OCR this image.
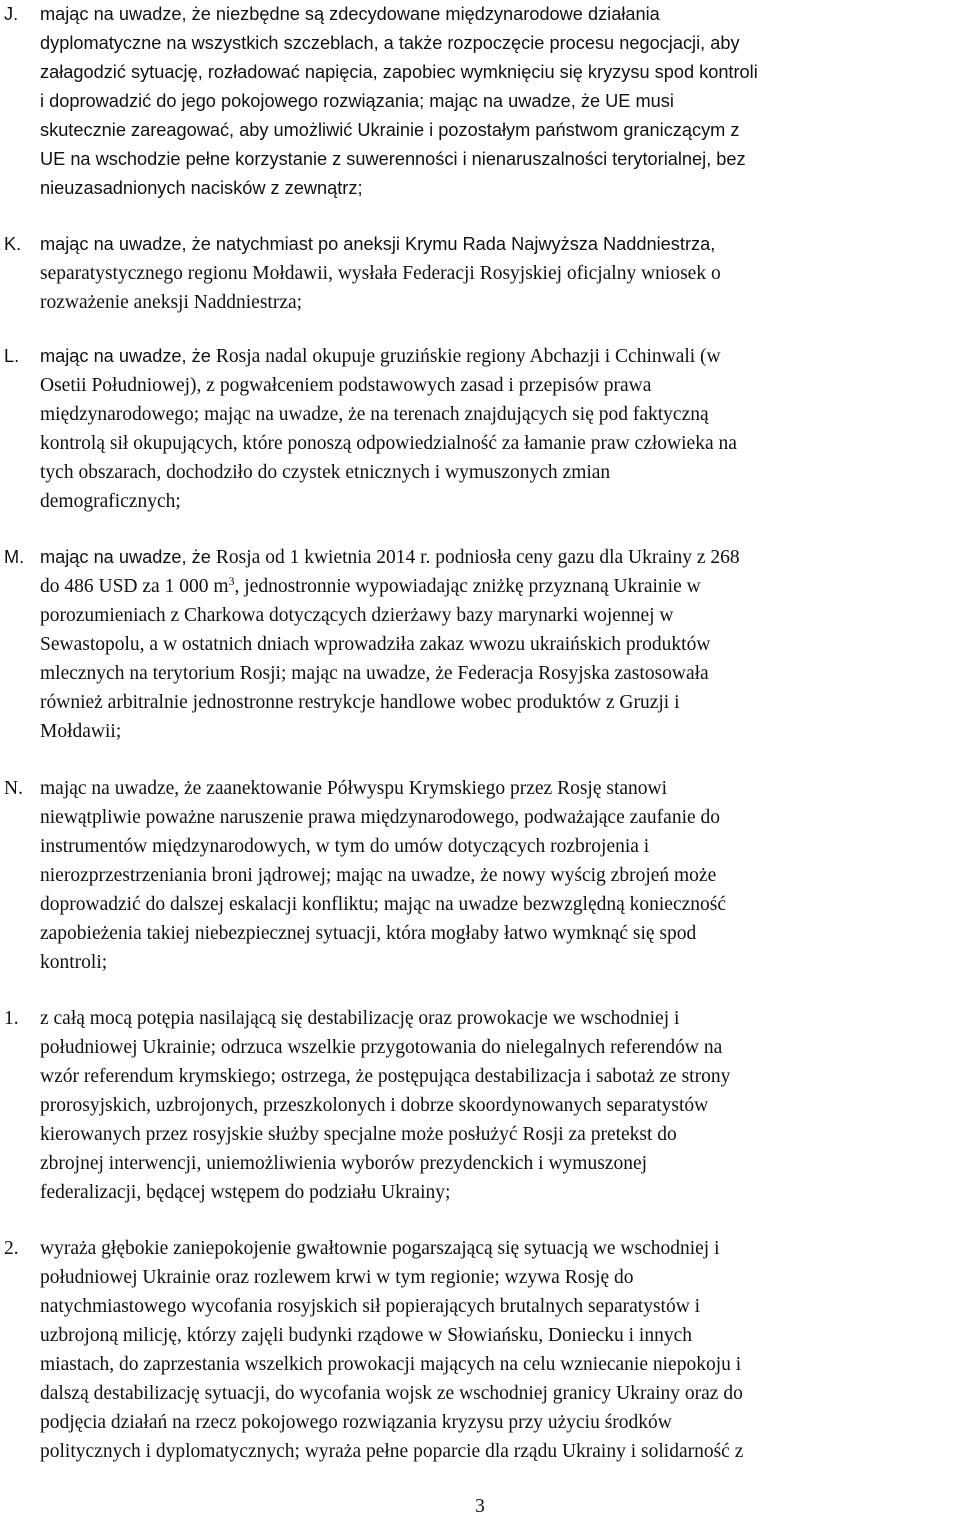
J. mając na uwadze, że niezbędne są zdecydowane międzynarodowe działania
dyplomatyczne na wszystkich szczeblach, a także rozpoczęcie procesu negocjacji, aby
załagodzić sytuację, rozładować napięcia, zapobiec wymknięciu się kryzysu spod kontroli
i doprowadzić do jego pokojowego rozwiązania; mając na uwadze, że UE musi
skutecznie zareagować, aby umożliwić Ukrainie i pozostałym państwom graniczącym z
UE na wschodzie pełne korzystanie z suwerenności i nienaruszalności terytorialnej, bez
nieuzasadnionych nacisków z zewnątrz;
K. mając na uwadze, że natychmiast po aneksji Krymu Rada Najwyższa Naddniestrza,
separatystycznego regionu Mołdawii, wysłała Federacji Rosyjskiej oficjalny wniosek o
rozważenie aneksji Naddniestrza;
L. mając na uwadze, że Rosja nadal okupuje gruzińskie regiony Abchazji i Cchinwali (w
Osetii Południowej), z pogwałceniem podstawowych zasad i przepisów prawa
międzynarodowego; mając na uwadze, że na terenach znajdujących się pod faktyczną
kontrolą sił okupujących, które ponoszą odpowiedzialność za łamanie praw człowieka na
tych obszarach, dochodziło do czystek etnicznych i wymuszonych zmian
demograficznych;
M. mając na uwadze, że Rosja od 1 kwietnia 2014 r. podniosła ceny gazu dla Ukrainy z 268
do 486 USD za 1 000 $m^3$, jednostronnie wypowiadając zniżkę przyznaną Ukrainie w
porozumieniach z Charkowa dotyczących dzierżawy bazy marynarki wojennej w
Sewastopolu, a w ostatnich dniach wprowadziła zakaz wwozu ukraińskich produktów
mlecznych na terytorium Rosji; mając na uwadze, że Federacja Rosyjska zastosowała
również arbitralnie jednostronne restrykcje handlowe wobec produktów z Gruzji i
Mołdawii;
N. mając na uwadze, że zaanektowanie Półwyspu Krymskiego przez Rosję stanowi
niewątpliwie poważne naruszenie prawa międzynarodowego, podważające zaufanie do
instrumentów międzynarodowych, w tym do umów dotyczących rozbrojenia i
nierozprzestrzeniania broni jądrowej; mając na uwadze, że nowy wyścig zbrojeń może
doprowadzić do dalszej eskalacji konfliktu; mając na uwadze bezwzględną konieczność
zapobieżenia takiej niebezpiecznej sytuacji, która mogłaby łatwo wymknąć się spod
kontroli;
1. z całą mocą potępia nasilającą się destabilizację oraz prowokacje we wschodniej i
południowej Ukrainie; odrzuca wszelkie przygotowania do nielegalnych referendów na
wzór referendum krymskiego; ostrzega, że postępująca destabilizacja i sabotaż ze strony
prorosyjskich, uzbrojonych, przeszkolonych i dobrze skoordynowanych separatystów
kierowanych przez rosyjskie służby specjalne może posłużyć Rosji za pretekst do
zbrojnej interwencji, uniemożliwienia wyborów prezydenckich i wymuszonej
federalizacji, będącej wstępem do podziału Ukrainy;
2. wyraża głębokie zaniepokojenie gwałtownie pogarszającą się sytuacją we wschodniej i
południowej Ukrainie oraz rozlewem krwi w tym regionie; wzywa Rosję do
natychmiastowego wycofania rosyjskich sił popierających brutalnych separatystów i
uzbrojoną milicję, którzy zajęli budynki rządowe w Słowiańsku, Doniecku i innych
miastach, do zaprzestania wszelkich prowokacji mających na celu wzniecanie niepokoju i
dalszą destabilizację sytuacji, do wycofania wojsk ze wschodniej granicy Ukrainy oraz do
podjęcia działań na rzecz pokojowego rozwiązania kryzysu przy użyciu środków
politycznych i dyplomatycznych; wyraża pełne poparcie dla rządu Ukrainy i solidarność z
3
